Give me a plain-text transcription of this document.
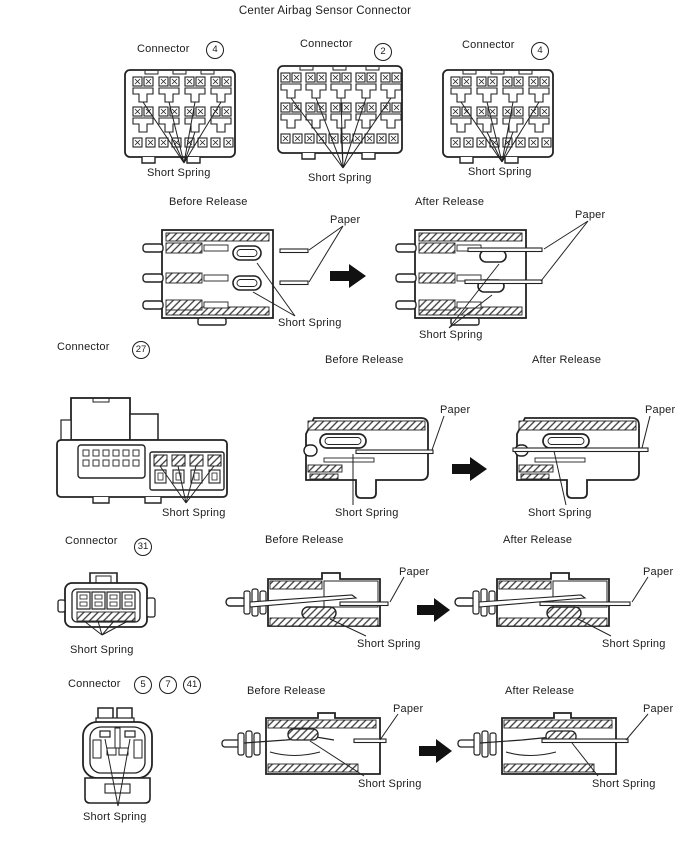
Center Airbag Sensor Connector
Connector	4	Connector
2
Connector	4
Short Spring	Short Spring	Short Spring
Before Release	After Release
Paper	Paper
Short Spring
Short Spring
Connector	27
Short Spring
Before Release	After Release
Paper	Paper
Short Spring	Short Spring
Connector	31
Short Spring
Before Release	After Release
Paper	Paper
Short Spring	Short Spring
Connector	5	7	41
Short Spring
Before Release	After Release
Paper	Paper
Short Spring	Short Spring
